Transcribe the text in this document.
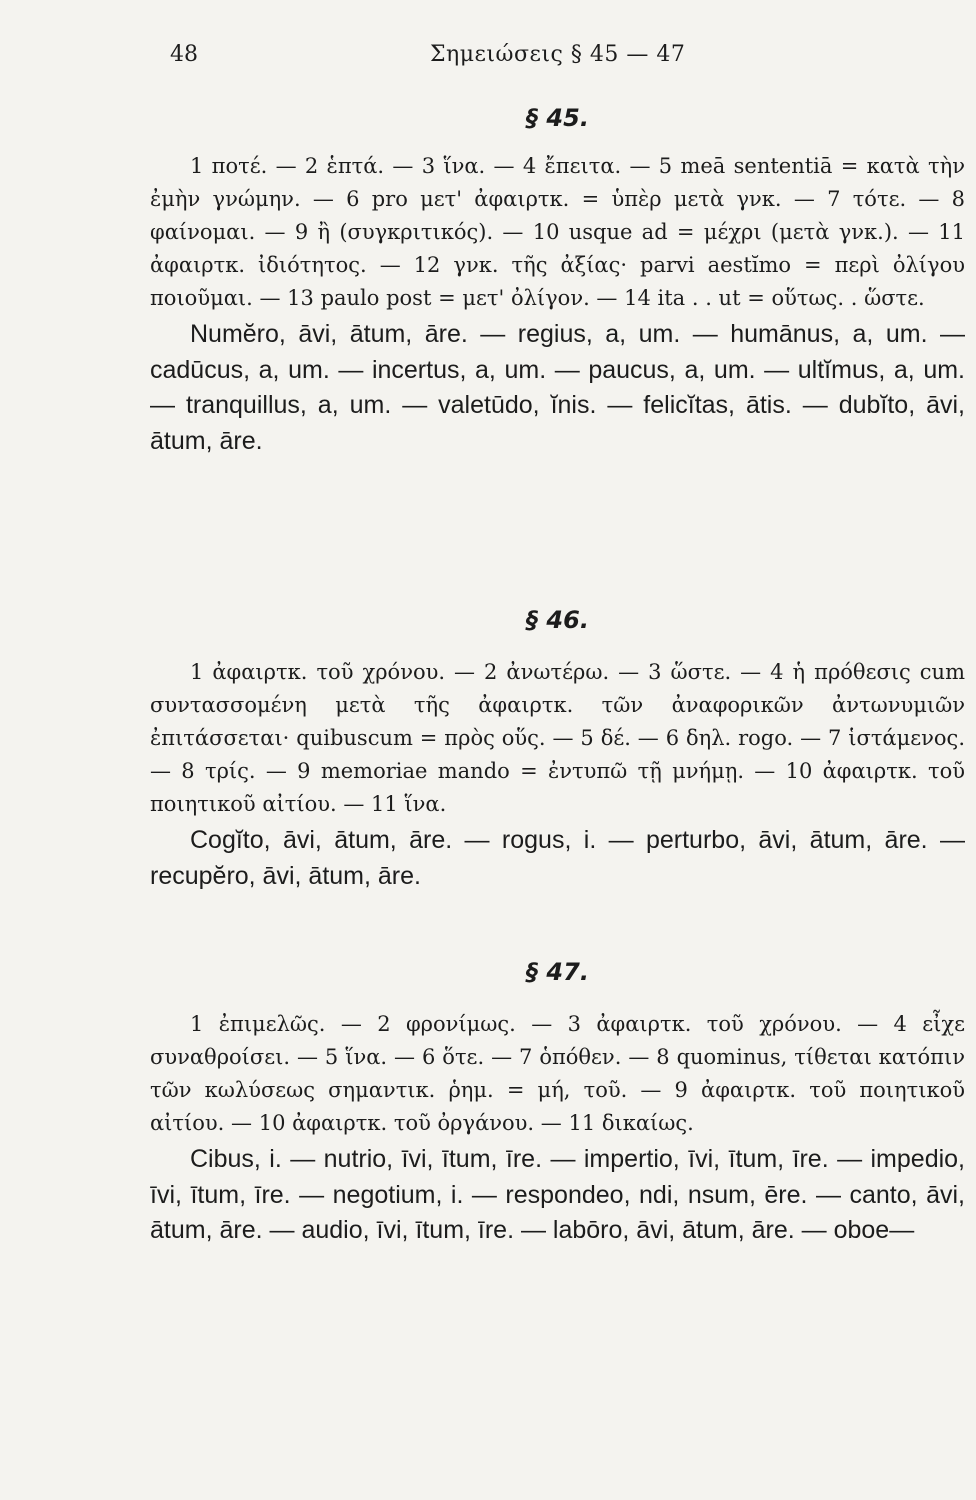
48	Σημειώσεις § 45 — 47
§ 45.

1 ποτέ. — 2 ἑπτά. — 3 ἵνα. — 4 ἔπειτα. — 5 meā sententiā = κατὰ τὴν ἐμὴν γνώμην. — 6 pro μετ' ἀφαιρτκ. = ὑπὲρ μετὰ γνκ. — 7 τότε. — 8 φαίνομαι. — 9 ἢ (συγκριτικός). — 10 usque ad = μέχρι (μετὰ γνκ.). — 11 ἀφαιρτκ. ἰδιότητος. — 12 γνκ. τῆς ἀξίας· parvi aestĭmo = περὶ ὀλίγου ποιοῦμαι. — 13 paulo post = μετ' ὀλίγον. — 14 ita . . ut = οὕτως. . ὥστε.

Numĕro, āvi, ātum, āre. — regius, a, um. — humānus, a, um. — cadūcus, a, um. — incertus, a, um. — paucus, a, um. — ultĭmus, a, um. — tranquillus, a, um. — valetūdo, ĭnis. — felicĭtas, ātis. — dubĭto, āvi, ātum, āre.

§ 46.

1 ἀφαιρτκ. τοῦ χρόνου. — 2 ἀνωτέρω. — 3 ὥστε. — 4 ἡ πρόθεσις cum συντασσομένη μετὰ τῆς ἀφαιρτκ. τῶν ἀναφορικῶν ἀντωνυμιῶν ἐπιτάσσεται· quibuscum = πρὸς οὕς. — 5 δέ. — 6 δηλ. rogo. — 7 ἱστάμενος. — 8 τρίς. — 9 memoriae mando = ἐντυπῶ τῇ μνήμῃ. — 10 ἀφαιρτκ. τοῦ ποιητικοῦ αἰτίου. — 11 ἵνα.

Cogĭto, āvi, ātum, āre. — rogus, i. — perturbo, āvi, ātum, āre. — recupĕro, āvi, ātum, āre.

§ 47.

1 ἐπιμελῶς. — 2 φρονίμως. — 3 ἀφαιρτκ. τοῦ χρόνου. — 4 εἶχε συναθροίσει. — 5 ἵνα. — 6 ὅτε. — 7 ὁπόθεν. — 8 quominus, τίθεται κατόπιν τῶν κωλύσεως σημαντικ. ῥημ. = μή, τοῦ. — 9 ἀφαιρτκ. τοῦ ποιητικοῦ αἰτίου. — 10 ἀφαιρτκ. τοῦ ὀργάνου. — 11 δικαίως.

Cibus, i. — nutrio, īvi, ītum, īre. — impertio, īvi, ītum, īre. — impedio, īvi, ītum, īre. — negotium, i. — respondeo, ndi, nsum, ēre. — canto, āvi, ātum, āre. — audio, īvi, ītum, īre. — labōro, āvi, ātum, āre. — oboe—
